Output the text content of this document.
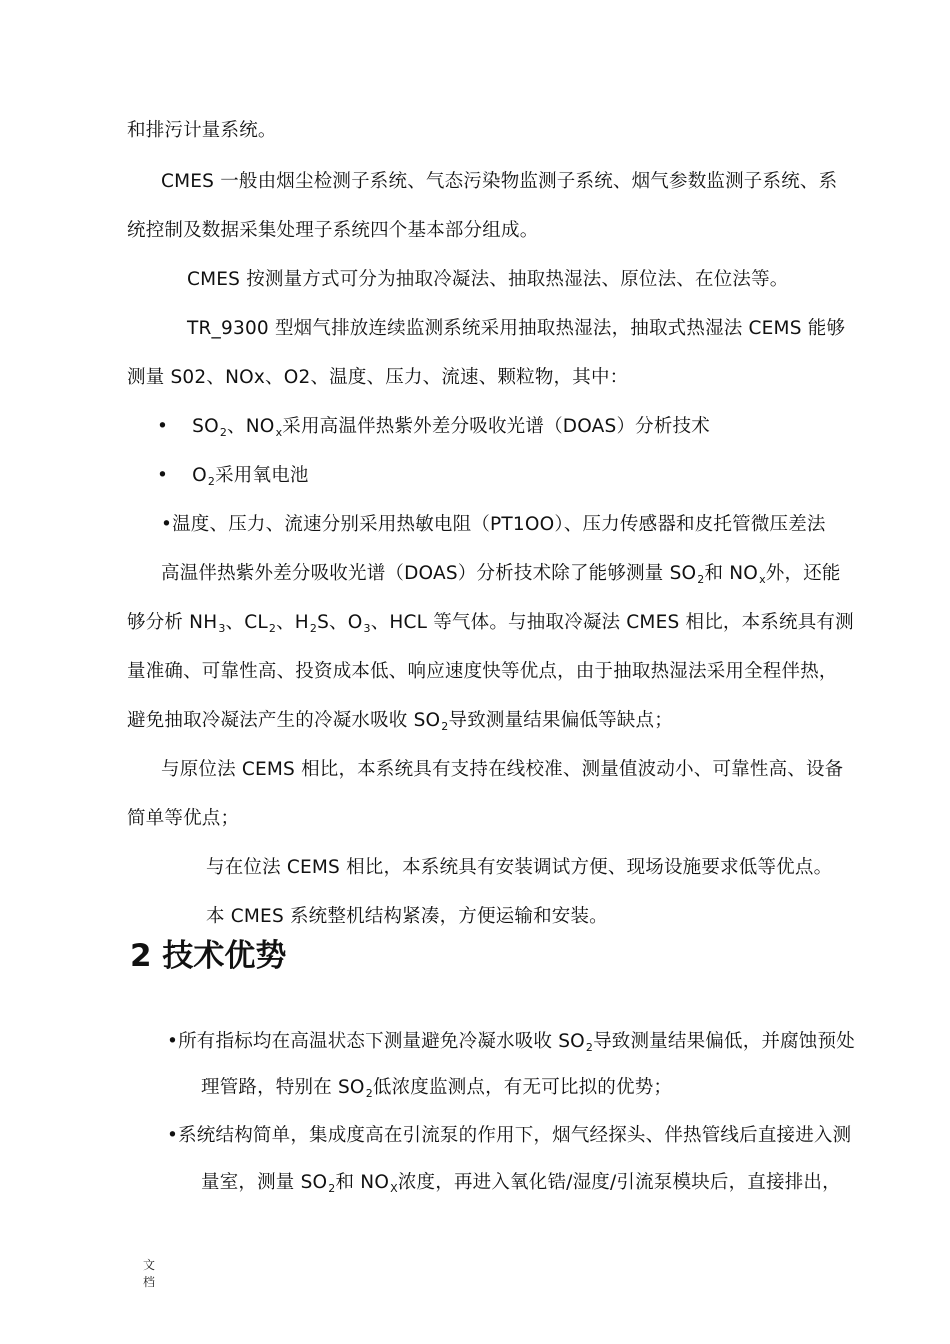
和排污计量系统。
CMES 一般由烟尘检测子系统、气态污染物监测子系统、烟气参数监测子系统、系
统控制及数据采集处理子系统四个基本部分组成。
CMES 按测量方式可分为抽取冷凝法、抽取热湿法、原位法、在位法等。
TR_9300 型烟气排放连续监测系统采用抽取热湿法，抽取式热湿法 CEMS 能够
测量 S02、NOx、O2、温度、压力、流速、颗粒物，其中：
• $SO_2$、$NO_x$采用高温伴热紫外差分吸收光谱（DOAS）分析技术
• $O_2$采用氧电池
•温度、压力、流速分别采用热敏电阻（PT1OO）、压力传感器和皮托管微压差法
高温伴热紫外差分吸收光谱（DOAS）分析技术除了能够测量 $SO_2$和 $NO_x$外，还能
够分析 $NH_3$、$CL_2$、$H_2S$、$O_3$、HCL 等气体。与抽取冷凝法 CMES 相比，本系统具有测
量准确、可靠性高、投资成本低、响应速度快等优点，由于抽取热湿法采用全程伴热，
避免抽取冷凝法产生的冷凝水吸收 $SO_2$导致测量结果偏低等缺点；
与原位法 CEMS 相比，本系统具有支持在线校准、测量值波动小、可靠性高、设备
简单等优点；
与在位法 CEMS 相比，本系统具有安装调试方便、现场设施要求低等优点。
本 CMES 系统整机结构紧凑，方便运输和安装。
2 技术优势
•所有指标均在高温状态下测量避免冷凝水吸收 $SO_2$导致测量结果偏低，并腐蚀预处
理管路，特别在 $SO_2$低浓度监测点，有无可比拟的优势；
•系统结构简单，集成度高在引流泵的作用下，烟气经探头、伴热管线后直接进入测
量室，测量 $SO_2$和 $NO_X$浓度，再进入氧化锆/湿度/引流泵模块后，直接排出，
文
档
